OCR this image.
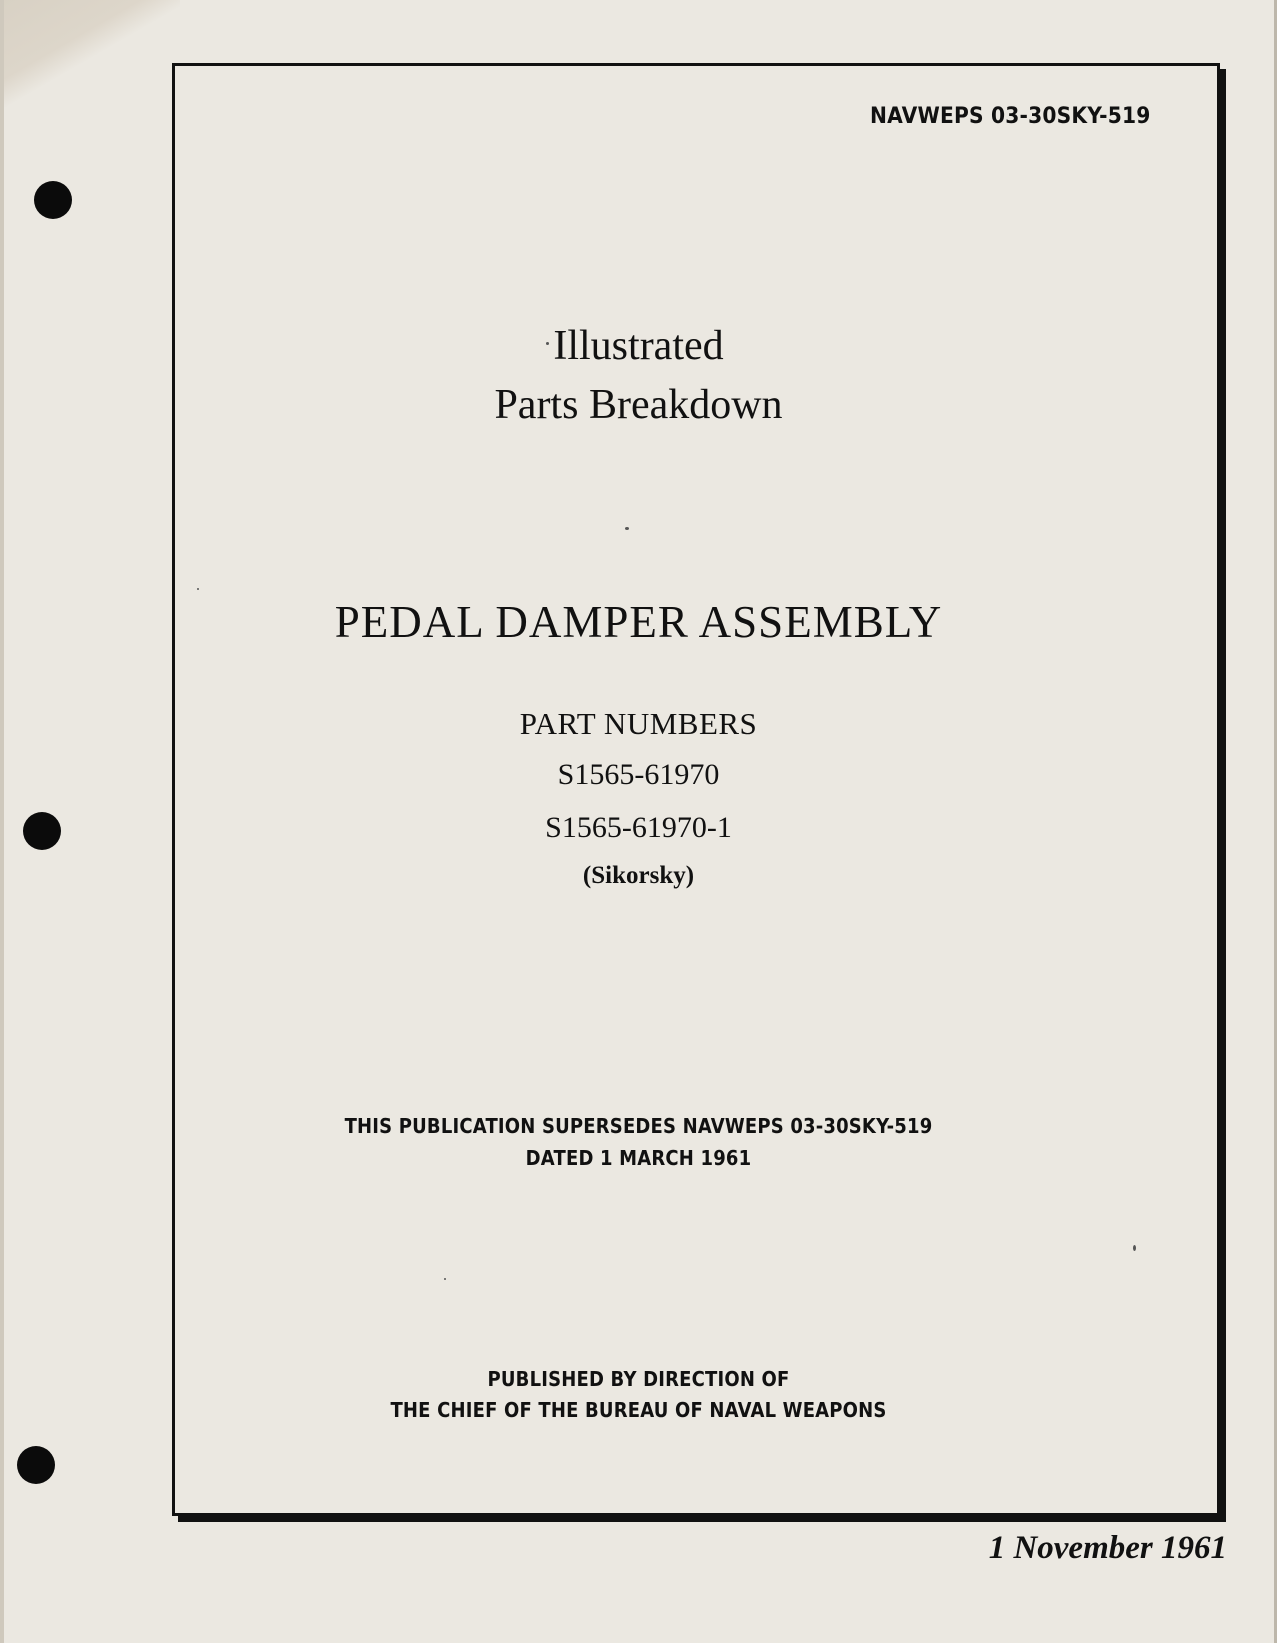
NAVWEPS 03-30SKY-519
Illustrated
Parts Breakdown
PEDAL DAMPER ASSEMBLY
PART NUMBERS
S1565-61970
S1565-61970-1
(Sikorsky)
THIS PUBLICATION SUPERSEDES NAVWEPS 03-30SKY-519
DATED 1 MARCH 1961
PUBLISHED BY DIRECTION OF
THE CHIEF OF THE BUREAU OF NAVAL WEAPONS
1 November 1961
